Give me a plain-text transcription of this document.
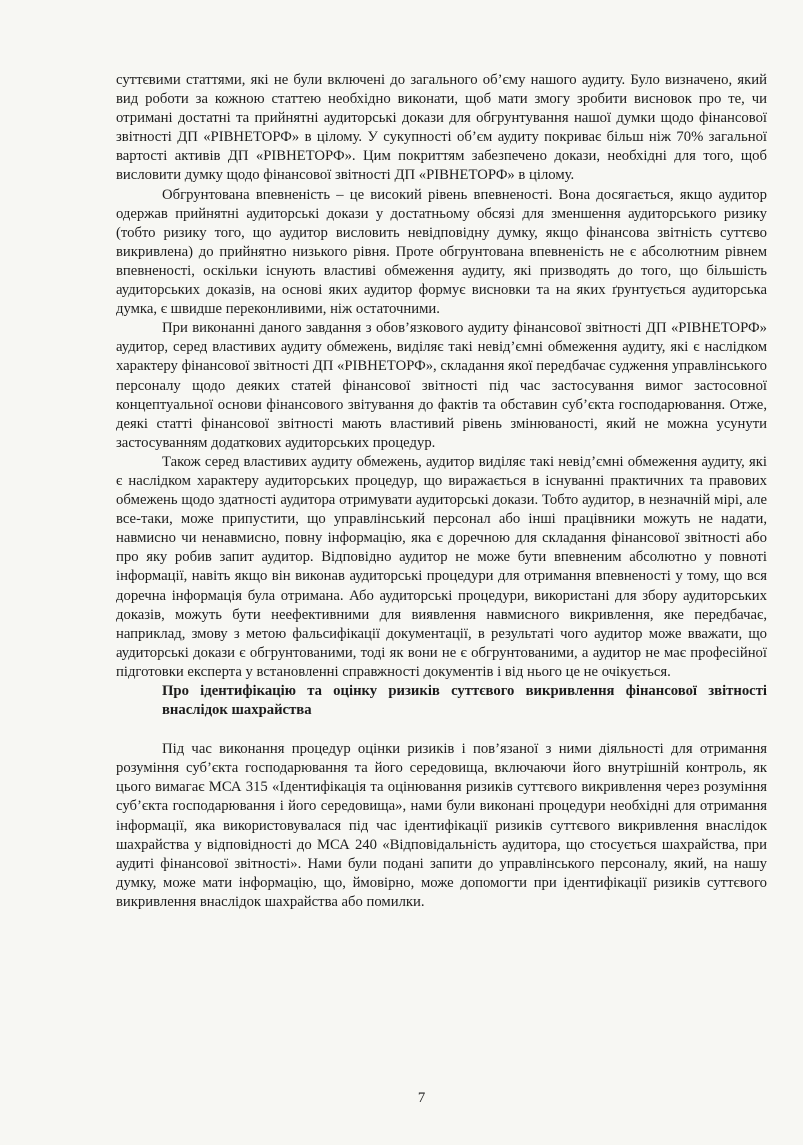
суттєвими статтями, які не були включені до загального об’єму нашого аудиту. Було визначено, який вид роботи за кожною статтею необхідно виконати, щоб мати змогу зробити висновок про те, чи отримані достатні та прийнятні аудиторські докази для обгрунтування нашої думки щодо фінансової звітності ДП «РІВНЕТОРФ» в цілому. У сукупності об’єм аудиту покриває більш ніж 70% загальної вартості активів ДП «РІВНЕТОРФ». Цим покриттям забезпечено докази, необхідні для того, щоб висловити думку щодо фінансової звітності ДП «РІВНЕТОРФ» в цілому.

Обгрунтована впевненість – це високий рівень впевненості. Вона досягається, якщо аудитор одержав прийнятні аудиторські докази у достатньому обсязі для зменшення аудиторського ризику (тобто ризику того, що аудитор висловить невідповідну думку, якщо фінансова звітність суттєво викривлена) до прийнятно низького рівня. Проте обгрунтована впевненість не є абсолютним рівнем впевненості, оскільки існують властиві обмеження аудиту, які призводять до того, що більшість аудиторських доказів, на основі яких аудитор формує висновки та на яких ґрунтується аудиторська думка, є швидше переконливими, ніж остаточними.

При виконанні даного завдання з обов’язкового аудиту фінансової звітності ДП «РІВНЕТОРФ» аудитор, серед властивих аудиту обмежень, виділяє такі невід’ємні обмеження аудиту, які є наслідком характеру фінансової звітності ДП «РІВНЕТОРФ», складання якої передбачає судження управлінського персоналу щодо деяких статей фінансової звітності під час застосування вимог застосовної концептуальної основи фінансового звітування до фактів та обставин суб’єкта господарювання. Отже, деякі статті фінансової звітності мають властивий рівень змінюваності, який не можна усунути застосуванням додаткових аудиторських процедур.

Також серед властивих аудиту обмежень, аудитор виділяє такі невід’ємні обмеження аудиту, які є наслідком характеру аудиторських процедур, що виражається в існуванні практичних та правових обмежень щодо здатності аудитора отримувати аудиторські докази. Тобто аудитор, в незначній мірі, але все-таки, може припустити, що управлінський персонал або інші працівники можуть не надати, навмисно чи ненавмисно, повну інформацію, яка є доречною для складання фінансової звітності або про яку робив запит аудитор. Відповідно аудитор не може бути впевненим абсолютно у повноті інформації, навіть якщо він виконав аудиторські процедури для отримання впевненості у тому, що вся доречна інформація була отримана. Або аудиторські процедури, використані для збору аудиторських доказів, можуть бути неефективними для виявлення навмисного викривлення, яке передбачає, наприклад, змову з метою фальсифікації документації, в результаті чого аудитор може вважати, що аудиторські докази є обгрунтованими, тоді як вони не є обгрунтованими, а аудитор не має професійної підготовки експерта у встановленні справжності документів і від нього це не очікується.

Про ідентифікацію та оцінку ризиків суттєвого викривлення фінансової звітності внаслідок шахрайства

Під час виконання процедур оцінки ризиків і пов’язаної з ними діяльності для отримання розуміння суб’єкта господарювання та його середовища, включаючи його внутрішній контроль, як цього вимагає МСА 315 «Ідентифікація та оцінювання ризиків суттєвого викривлення через розуміння суб’єкта господарювання і його середовища», нами були виконані процедури необхідні для отримання інформації, яка використовувалася під час ідентифікації ризиків суттєвого викривлення внаслідок шахрайства у відповідності до МСА 240 «Відповідальність аудитора, що стосується шахрайства, при аудиті фінансової звітності». Нами були подані запити до управлінського персоналу, який, на нашу думку, може мати інформацію, що, ймовірно, може допомогти при ідентифікації ризиків суттєвого викривлення внаслідок шахрайства або помилки.

7
